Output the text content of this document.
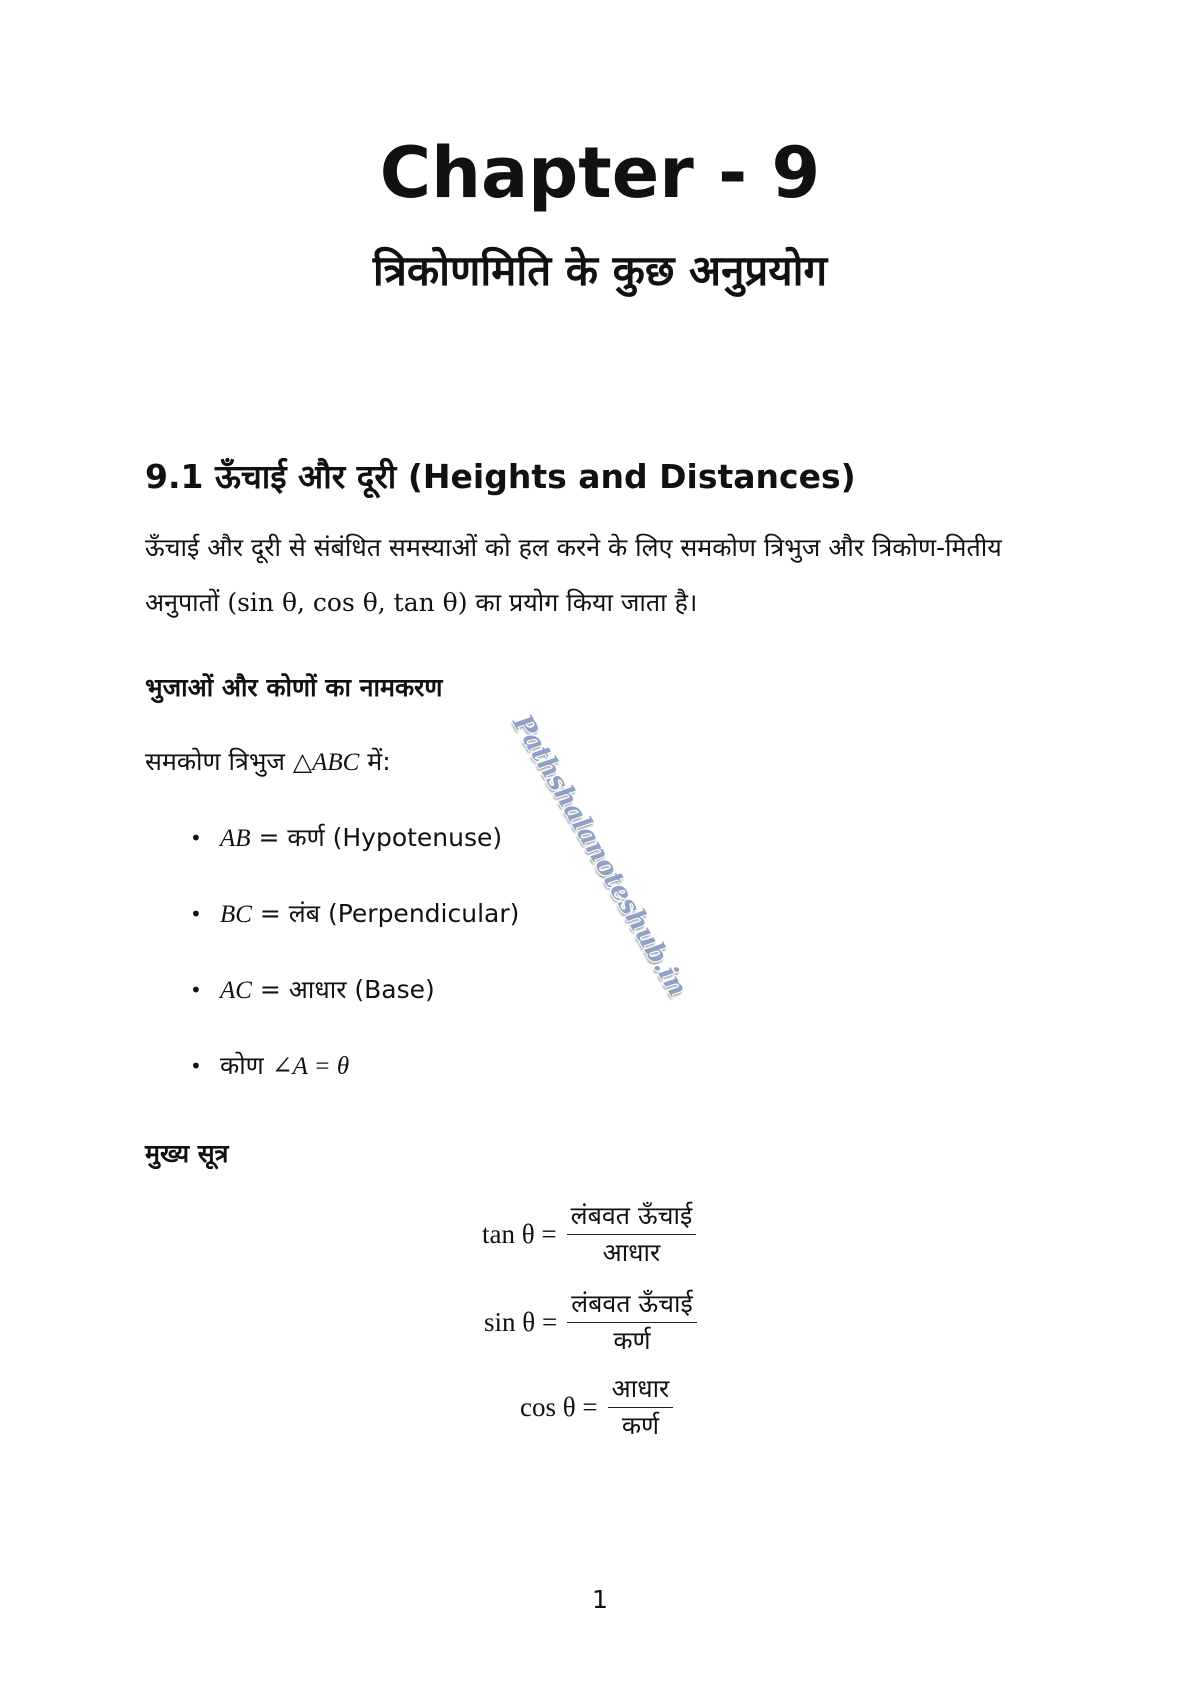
Chapter - 9
त्रिकोणमिति के कुछ अनुप्रयोग
9.1 ऊँचाई और दूरी (Heights and Distances)
ऊँचाई और दूरी से संबंधित समस्याओं को हल करने के लिए समकोण त्रिभुज और त्रिकोण-मितीय अनुपातों (sin θ, cos θ, tan θ) का प्रयोग किया जाता है।
भुजाओं और कोणों का नामकरण
समकोण त्रिभुज △ABC में:
• AB = कर्ण (Hypotenuse)
• BC = लंब (Perpendicular)
• AC = आधार (Base)
• कोण ∠A = θ
मुख्य सूत्र
$\tan \theta = \frac{\text{लंबवत ऊँचाई}}{\text{आधार}}$
$\sin \theta = \frac{\text{लंबवत ऊँचाई}}{\text{कर्ण}}$
$\cos \theta = \frac{\text{आधार}}{\text{कर्ण}}$
Pathshalanoteshub.in
1
